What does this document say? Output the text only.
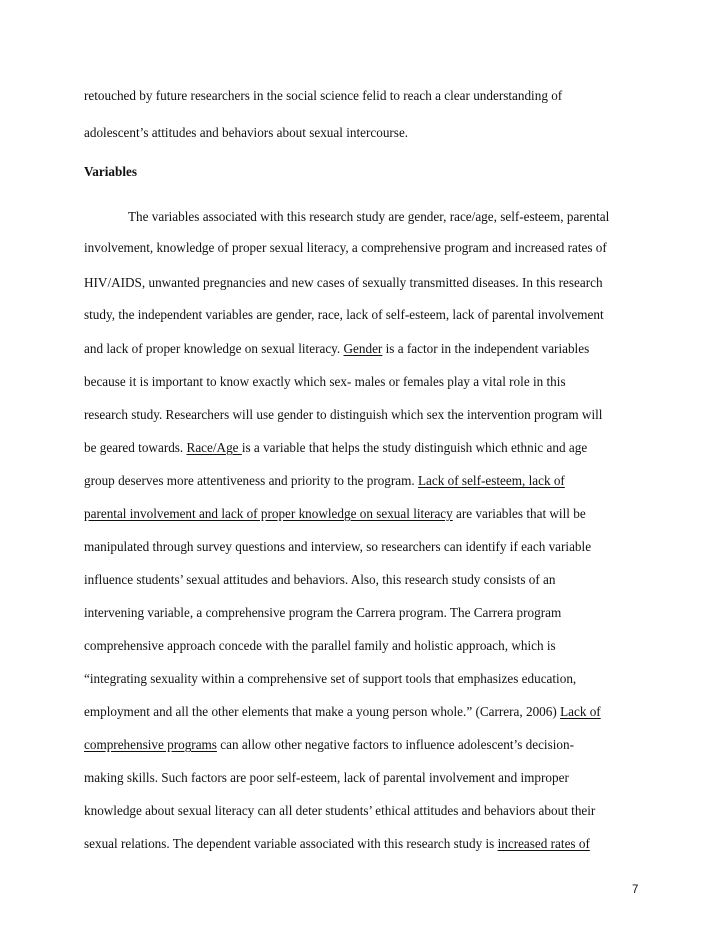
retouched by future researchers in the social science felid to reach a clear understanding of
adolescent’s attitudes and behaviors about sexual intercourse.
Variables
The variables associated with this research study are gender, race/age, self-esteem, parental
involvement, knowledge of proper sexual literacy, a comprehensive program and increased rates of
HIV/AIDS, unwanted pregnancies and new cases of sexually transmitted diseases. In this research
study, the independent variables are gender, race, lack of self-esteem, lack of parental involvement
and lack of proper knowledge on sexual literacy. Gender is a factor in the independent variables
because it is important to know exactly which sex- males or females play a vital role in this
research study. Researchers will use gender to distinguish which sex the intervention program will
be geared towards. Race/Age is a variable that helps the study distinguish which ethnic and age
group deserves more attentiveness and priority to the program. Lack of self-esteem, lack of
parental involvement and lack of proper knowledge on sexual literacy are variables that will be
manipulated through survey questions and interview, so researchers can identify if each variable
influence students’ sexual attitudes and behaviors. Also, this research study consists of an
intervening variable, a comprehensive program the Carrera program. The Carrera program
comprehensive approach concede with the parallel family and holistic approach, which is
“integrating sexuality within a comprehensive set of support tools that emphasizes education,
employment and all the other elements that make a young person whole.” (Carrera, 2006) Lack of
comprehensive programs can allow other negative factors to influence adolescent’s decision-
making skills. Such factors are poor self-esteem, lack of parental involvement and improper
knowledge about sexual literacy can all deter students’ ethical attitudes and behaviors about their
sexual relations. The dependent variable associated with this research study is increased rates of
7
